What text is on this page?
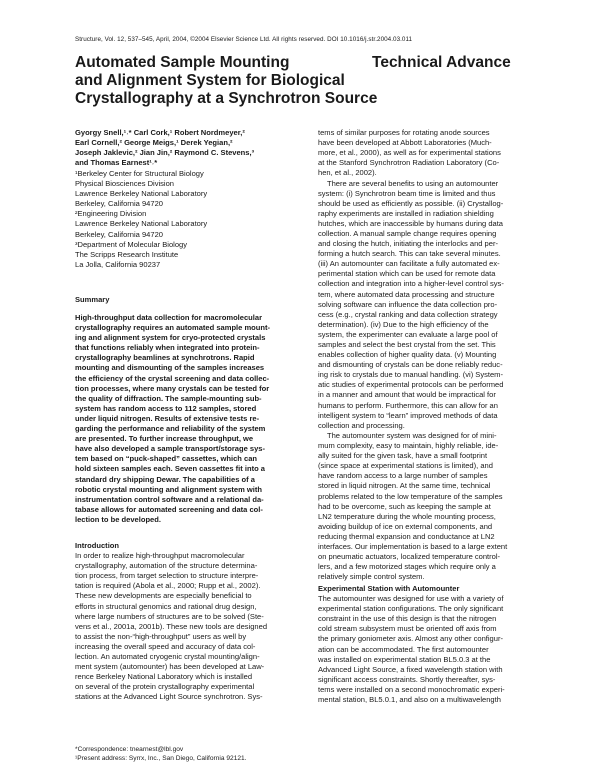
Structure, Vol. 12, 537–545, April, 2004, ©2004 Elsevier Science Ltd. All rights reserved. DOI 10.1016/j.str.2004.03.011
Technical Advance
Automated Sample Mounting
and Alignment System for Biological
Crystallography at a Synchrotron Source
Gyorgy Snell,¹˒* Carl Cork,¹ Robert Nordmeyer,²
Earl Cornell,² George Meigs,¹ Derek Yegian,²
Joseph Jaklevic,² Jian Jin,² Raymond C. Stevens,³
and Thomas Earnest¹˒*
¹Berkeley Center for Structural Biology
Physical Biosciences Division
Lawrence Berkeley National Laboratory
Berkeley, California 94720
²Engineering Division
Lawrence Berkeley National Laboratory
Berkeley, California 94720
³Department of Molecular Biology
The Scripps Research Institute
La Jolla, California 90237
Summary
High-throughput data collection for macromolecular
crystallography requires an automated sample mount-
ing and alignment system for cryo-protected crystals
that functions reliably when integrated into protein-
crystallography beamlines at synchrotrons. Rapid
mounting and dismounting of the samples increases
the efficiency of the crystal screening and data collec-
tion processes, where many crystals can be tested for
the quality of diffraction. The sample-mounting sub-
system has random access to 112 samples, stored
under liquid nitrogen. Results of extensive tests re-
garding the performance and reliability of the system
are presented. To further increase throughput, we
have also developed a sample transport/storage sys-
tem based on “puck-shaped” cassettes, which can
hold sixteen samples each. Seven cassettes fit into a
standard dry shipping Dewar. The capabilities of a
robotic crystal mounting and alignment system with
instrumentation control software and a relational da-
tabase allows for automated screening and data col-
lection to be developed.
Introduction
In order to realize high-throughput macromolecular
crystallography, automation of the structure determina-
tion process, from target selection to structure interpre-
tation is required (Abola et al., 2000; Rupp et al., 2002).
These new developments are especially beneficial to
efforts in structural genomics and rational drug design,
where large numbers of structures are to be solved (Ste-
vens et al., 2001a, 2001b). These new tools are designed
to assist the non-“high-throughput” users as well by
increasing the overall speed and accuracy of data col-
lection. An automated cryogenic crystal mounting/align-
ment system (automounter) has been developed at Law-
rence Berkeley National Laboratory which is installed
on several of the protein crystallography experimental
stations at the Advanced Light Source synchrotron. Sys-
*Correspondence: tnearnest@lbl.gov
¹Present address: Syrrx, Inc., San Diego, California 92121.
tems of similar purposes for rotating anode sources
have been developed at Abbott Laboratories (Much-
more, et al., 2000), as well as for experimental stations
at the Stanford Synchrotron Radiation Laboratory (Co-
hen, et al., 2002).
There are several benefits to using an automounter
system: (i) Synchrotron beam time is limited and thus
should be used as efficiently as possible. (ii) Crystallog-
raphy experiments are installed in radiation shielding
hutches, which are inaccessible by humans during data
collection. A manual sample change requires opening
and closing the hutch, initiating the interlocks and per-
forming a hutch search. This can take several minutes.
(iii) An automounter can facilitate a fully automated ex-
perimental station which can be used for remote data
collection and integration into a higher-level control sys-
tem, where automated data processing and structure
solving software can influence the data collection pro-
cess (e.g., crystal ranking and data collection strategy
determination). (iv) Due to the high efficiency of the
system, the experimenter can evaluate a large pool of
samples and select the best crystal from the set. This
enables collection of higher quality data. (v) Mounting
and dismounting of crystals can be done reliably reduc-
ing risk to crystals due to manual handling. (vi) System-
atic studies of experimental protocols can be performed
in a manner and amount that would be impractical for
humans to perform. Furthermore, this can allow for an
intelligent system to “learn” improved methods of data
collection and processing.
The automounter system was designed for of mini-
mum complexity, easy to maintain, highly reliable, ide-
ally suited for the given task, have a small footprint
(since space at experimental stations is limited), and
have random access to a large number of samples
stored in liquid nitrogen. At the same time, technical
problems related to the low temperature of the samples
had to be overcome, such as keeping the sample at
LN2 temperature during the whole mounting process,
avoiding buildup of ice on external components, and
reducing thermal expansion and conductance at LN2
interfaces. Our implementation is based to a large extent
on pneumatic actuators, localized temperature control-
lers, and a few motorized stages which require only a
relatively simple control system.
Experimental Station with Automounter
The automounter was designed for use with a variety of
experimental station configurations. The only significant
constraint in the use of this design is that the nitrogen
cold stream subsystem must be oriented off axis from
the primary goniometer axis. Almost any other configur-
ation can be accommodated. The first automounter
was installed on experimental station BL5.0.3 at the
Advanced Light Source, a fixed wavelength station with
significant access constraints. Shortly thereafter, sys-
tems were installed on a second monochromatic experi-
mental station, BL5.0.1, and also on a multiwavelength
